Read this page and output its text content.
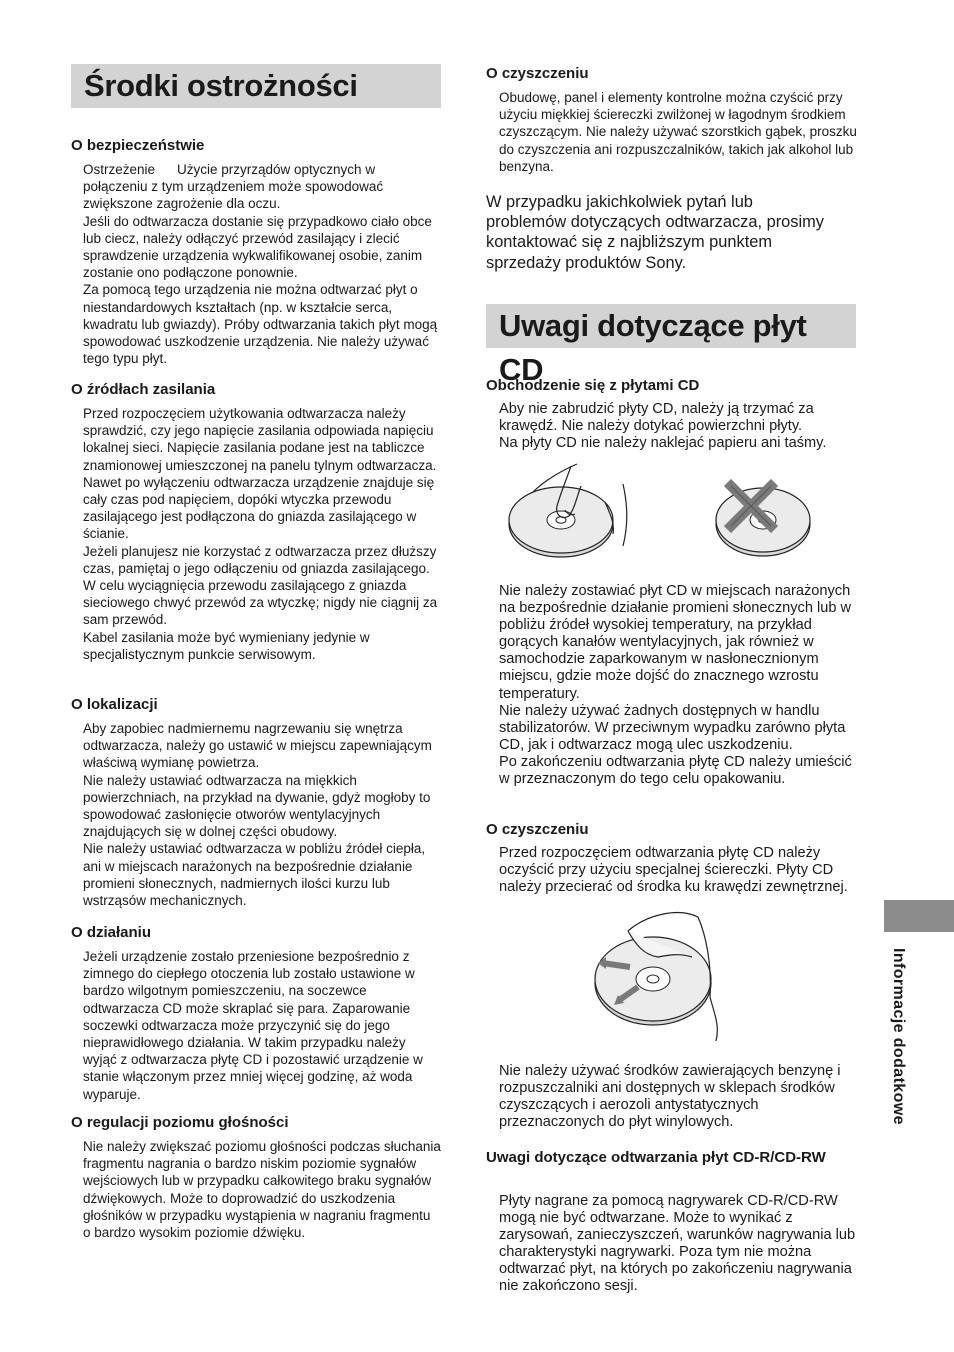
Środki ostrożności
O bezpieczeństwie

Ostrzeżenie Użycie przyrządów optycznych w połączeniu z tym urządzeniem może spowodować zwiększone zagrożenie dla oczu.

Jeśli do odtwarzacza dostanie się przypadkowo ciało obce lub ciecz, należy odłączyć przewód zasilający i zlecić sprawdzenie urządzenia wykwalifikowanej osobie, zanim zostanie ono podłączone ponownie.

Za pomocą tego urządzenia nie można odtwarzać płyt o niestandardowych kształtach (np. w kształcie serca, kwadratu lub gwiazdy). Próby odtwarzania takich płyt mogą spowodować uszkodzenie urządzenia. Nie należy używać tego typu płyt.

O źródłach zasilania

Przed rozpoczęciem użytkowania odtwarzacza należy sprawdzić, czy jego napięcie zasilania odpowiada napięciu lokalnej sieci. Napięcie zasilania podane jest na tabliczce znamionowej umieszczonej na panelu tylnym odtwarzacza.

Nawet po wyłączeniu odtwarzacza urządzenie znajduje się cały czas pod napięciem, dopóki wtyczka przewodu zasilającego jest podłączona do gniazda zasilającego w ścianie.

Jeżeli planujesz nie korzystać z odtwarzacza przez dłuższy czas, pamiętaj o jego odłączeniu od gniazda zasilającego. W celu wyciągnięcia przewodu zasilającego z gniazda sieciowego chwyć przewód za wtyczkę; nigdy nie ciągnij za sam przewód.

Kabel zasilania może być wymieniany jedynie w specjalistycznym punkcie serwisowym.

O lokalizacji

Aby zapobiec nadmiernemu nagrzewaniu się wnętrza odtwarzacza, należy go ustawić w miejscu zapewniającym właściwą wymianę powietrza.

Nie należy ustawiać odtwarzacza na miękkich powierzchniach, na przykład na dywanie, gdyż mogłoby to spowodować zasłonięcie otworów wentylacyjnych znajdujących się w dolnej części obudowy.

Nie należy ustawiać odtwarzacza w pobliżu źródeł ciepła, ani w miejscach narażonych na bezpośrednie działanie promieni słonecznych, nadmiernych ilości kurzu lub wstrząsów mechanicznych.

O działaniu

Jeżeli urządzenie zostało przeniesione bezpośrednio z zimnego do ciepłego otoczenia lub zostało ustawione w bardzo wilgotnym pomieszczeniu, na soczewce odtwarzacza CD może skraplać się para. Zaparowanie soczewki odtwarzacza może przyczynić się do jego nieprawidłowego działania. W takim przypadku należy wyjąć z odtwarzacza płytę CD i pozostawić urządzenie w stanie włączonym przez mniej więcej godzinę, aż woda wyparuje.

O regulacji poziomu głośności

Nie należy zwiększać poziomu głośności podczas słuchania fragmentu nagrania o bardzo niskim poziomie sygnałów wejściowych lub w przypadku całkowitego braku sygnałów dźwiękowych. Może to doprowadzić do uszkodzenia głośników w przypadku wystąpienia w nagraniu fragmentu o bardzo wysokim poziomie dźwięku.

O czyszczeniu

Obudowę, panel i elementy kontrolne można czyścić przy użyciu miękkiej ściereczki zwilżonej w łagodnym środkiem czyszczącym. Nie należy używać szorstkich gąbek, proszku do czyszczenia ani rozpuszczalników, takich jak alkohol lub benzyna.

W przypadku jakichkolwiek pytań lub problemów dotyczących odtwarzacza, prosimy kontaktować się z najbliższym punktem sprzedaży produktów Sony.
Uwagi dotyczące płyt CD
Obchodzenie się z płytami CD

Aby nie zabrudzić płyty CD, należy ją trzymać za krawędź. Nie należy dotykać powierzchni płyty.

Na płyty CD nie należy naklejać papieru ani taśmy.

Nie należy zostawiać płyt CD w miejscach narażonych na bezpośrednie działanie promieni słonecznych lub w pobliżu źródeł wysokiej temperatury, na przykład gorących kanałów wentylacyjnych, jak również w samochodzie zaparkowanym w nasłonecznionym miejscu, gdzie może dojść do znacznego wzrostu temperatury.

Nie należy używać żadnych dostępnych w handlu stabilizatorów. W przeciwnym wypadku zarówno płyta CD, jak i odtwarzacz mogą ulec uszkodzeniu.

Po zakończeniu odtwarzania płytę CD należy umieścić w przeznaczonym do tego celu opakowaniu.

O czyszczeniu

Przed rozpoczęciem odtwarzania płytę CD należy oczyścić przy użyciu specjalnej ściereczki. Płyty CD należy przecierać od środka ku krawędzi zewnętrznej.

Nie należy używać środków zawierających benzynę i rozpuszczalniki ani dostępnych w sklepach środków czyszczących i aerozoli antystatycznych przeznaczonych do płyt winylowych.

Uwagi dotyczące odtwarzania płyt CD-R/CD-RW

Płyty nagrane za pomocą nagrywarek CD-R/CD-RW mogą nie być odtwarzane. Może to wynikać z zarysowań, zanieczyszczeń, warunków nagrywania lub charakterystyki nagrywarki. Poza tym nie można odtwarzać płyt, na których po zakończeniu nagrywania nie zakończono sesji.

Informacje dodatkowe
